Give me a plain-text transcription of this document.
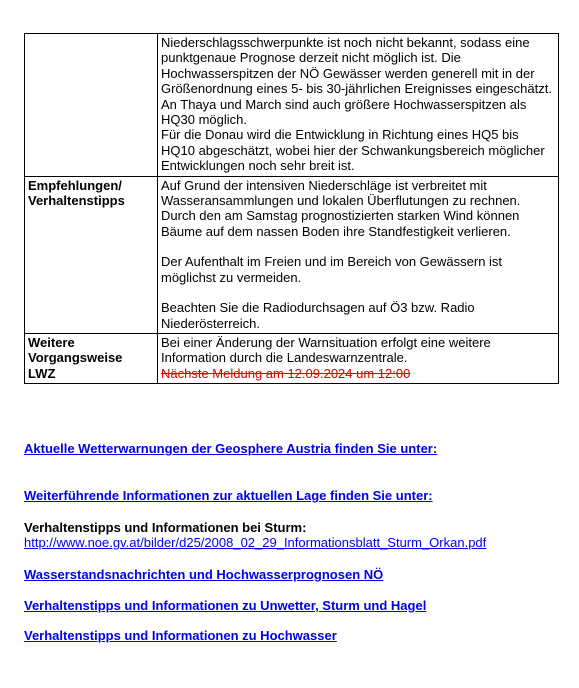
	Niederschlagsschwerpunkte ist noch nicht bekannt, sodass eine punktgenaue Prognose derzeit nicht möglich ist. Die Hochwasserspitzen der NÖ Gewässer werden generell mit in der Größenordnung eines 5- bis 30-jährlichen Ereignisses eingeschätzt.
An Thaya und March sind auch größere Hochwasserspitzen als HQ30 möglich.
Für die Donau wird die Entwicklung in Richtung eines HQ5 bis HQ10 abgeschätzt, wobei hier der Schwankungsbereich möglicher Entwicklungen noch sehr breit ist.

Empfehlungen/ Verhaltenstipps	Auf Grund der intensiven Niederschläge ist verbreitet mit Wasseransammlungen und lokalen Überflutungen zu rechnen. Durch den am Samstag prognostizierten starken Wind können Bäume auf dem nassen Boden ihre Standfestigkeit verlieren.

Der Aufenthalt im Freien und im Bereich von Gewässern ist möglichst zu vermeiden.

Beachten Sie die Radiodurchsagen auf Ö3 bzw. Radio Niederösterreich.

Weitere Vorgangsweise LWZ	Bei einer Änderung der Warnsituation erfolgt eine weitere Information durch die Landeswarnzentrale.
Nächste Meldung am 12.09.2024 um 12:00
Aktuelle Wetterwarnungen der Geosphere Austria finden Sie unter:
Weiterführende Informationen zur aktuellen Lage finden Sie unter:
Verhaltenstipps und Informationen bei Sturm:
http://www.noe.gv.at/bilder/d25/2008_02_29_Informationsblatt_Sturm_Orkan.pdf
Wasserstandsnachrichten und Hochwasserprognosen NÖ
Verhaltenstipps und Informationen zu Unwetter, Sturm und Hagel
Verhaltenstipps und Informationen zu Hochwasser
